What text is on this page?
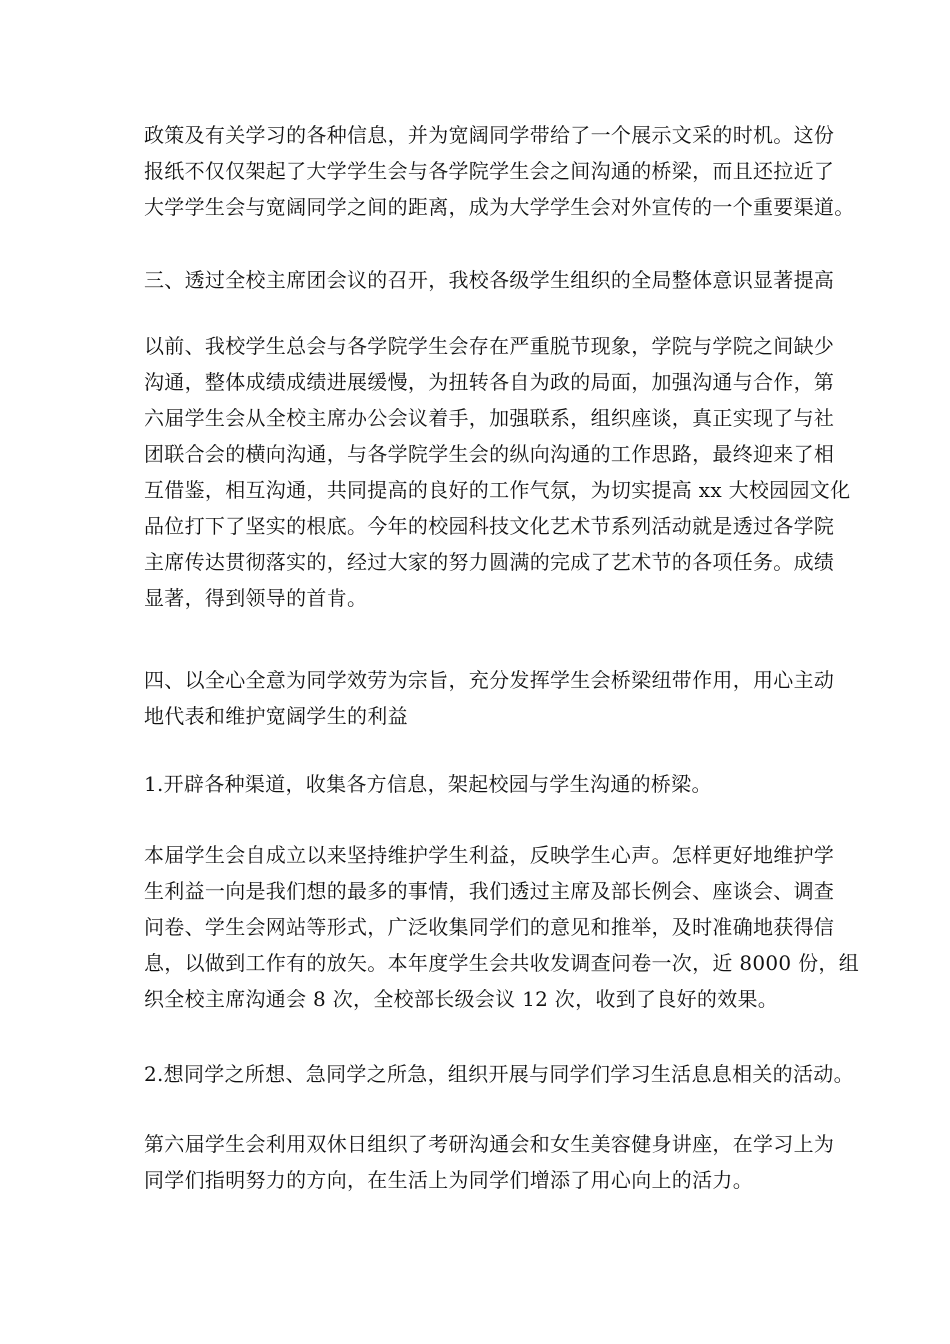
政策及有关学习的各种信息，并为宽阔同学带给了一个展示文采的时机。这份
报纸不仅仅架起了大学学生会与各学院学生会之间沟通的桥梁，而且还拉近了
大学学生会与宽阔同学之间的距离，成为大学学生会对外宣传的一个重要渠道。
三、透过全校主席团会议的召开，我校各级学生组织的全局整体意识显著提高
以前、我校学生总会与各学院学生会存在严重脱节现象，学院与学院之间缺少
沟通，整体成绩成绩进展缓慢，为扭转各自为政的局面，加强沟通与合作，第
六届学生会从全校主席办公会议着手，加强联系，组织座谈，真正实现了与社
团联合会的横向沟通，与各学院学生会的纵向沟通的工作思路，最终迎来了相
互借鉴，相互沟通，共同提高的良好的工作气氛，为切实提高 xx 大校园园文化
品位打下了坚实的根底。今年的校园科技文化艺术节系列活动就是透过各学院
主席传达贯彻落实的，经过大家的努力圆满的完成了艺术节的各项任务。成绩
显著，得到领导的首肯。
四、以全心全意为同学效劳为宗旨，充分发挥学生会桥梁纽带作用，用心主动
地代表和维护宽阔学生的利益
1.开辟各种渠道，收集各方信息，架起校园与学生沟通的桥梁。
本届学生会自成立以来坚持维护学生利益，反映学生心声。怎样更好地维护学
生利益一向是我们想的最多的事情，我们透过主席及部长例会、座谈会、调查
问卷、学生会网站等形式，广泛收集同学们的意见和推举，及时准确地获得信
息，以做到工作有的放矢。本年度学生会共收发调查问卷一次，近 8000 份，组
织全校主席沟通会 8 次，全校部长级会议 12 次，收到了良好的效果。
2.想同学之所想、急同学之所急，组织开展与同学们学习生活息息相关的活动。
第六届学生会利用双休日组织了考研沟通会和女生美容健身讲座，在学习上为
同学们指明努力的方向，在生活上为同学们增添了用心向上的活力。
